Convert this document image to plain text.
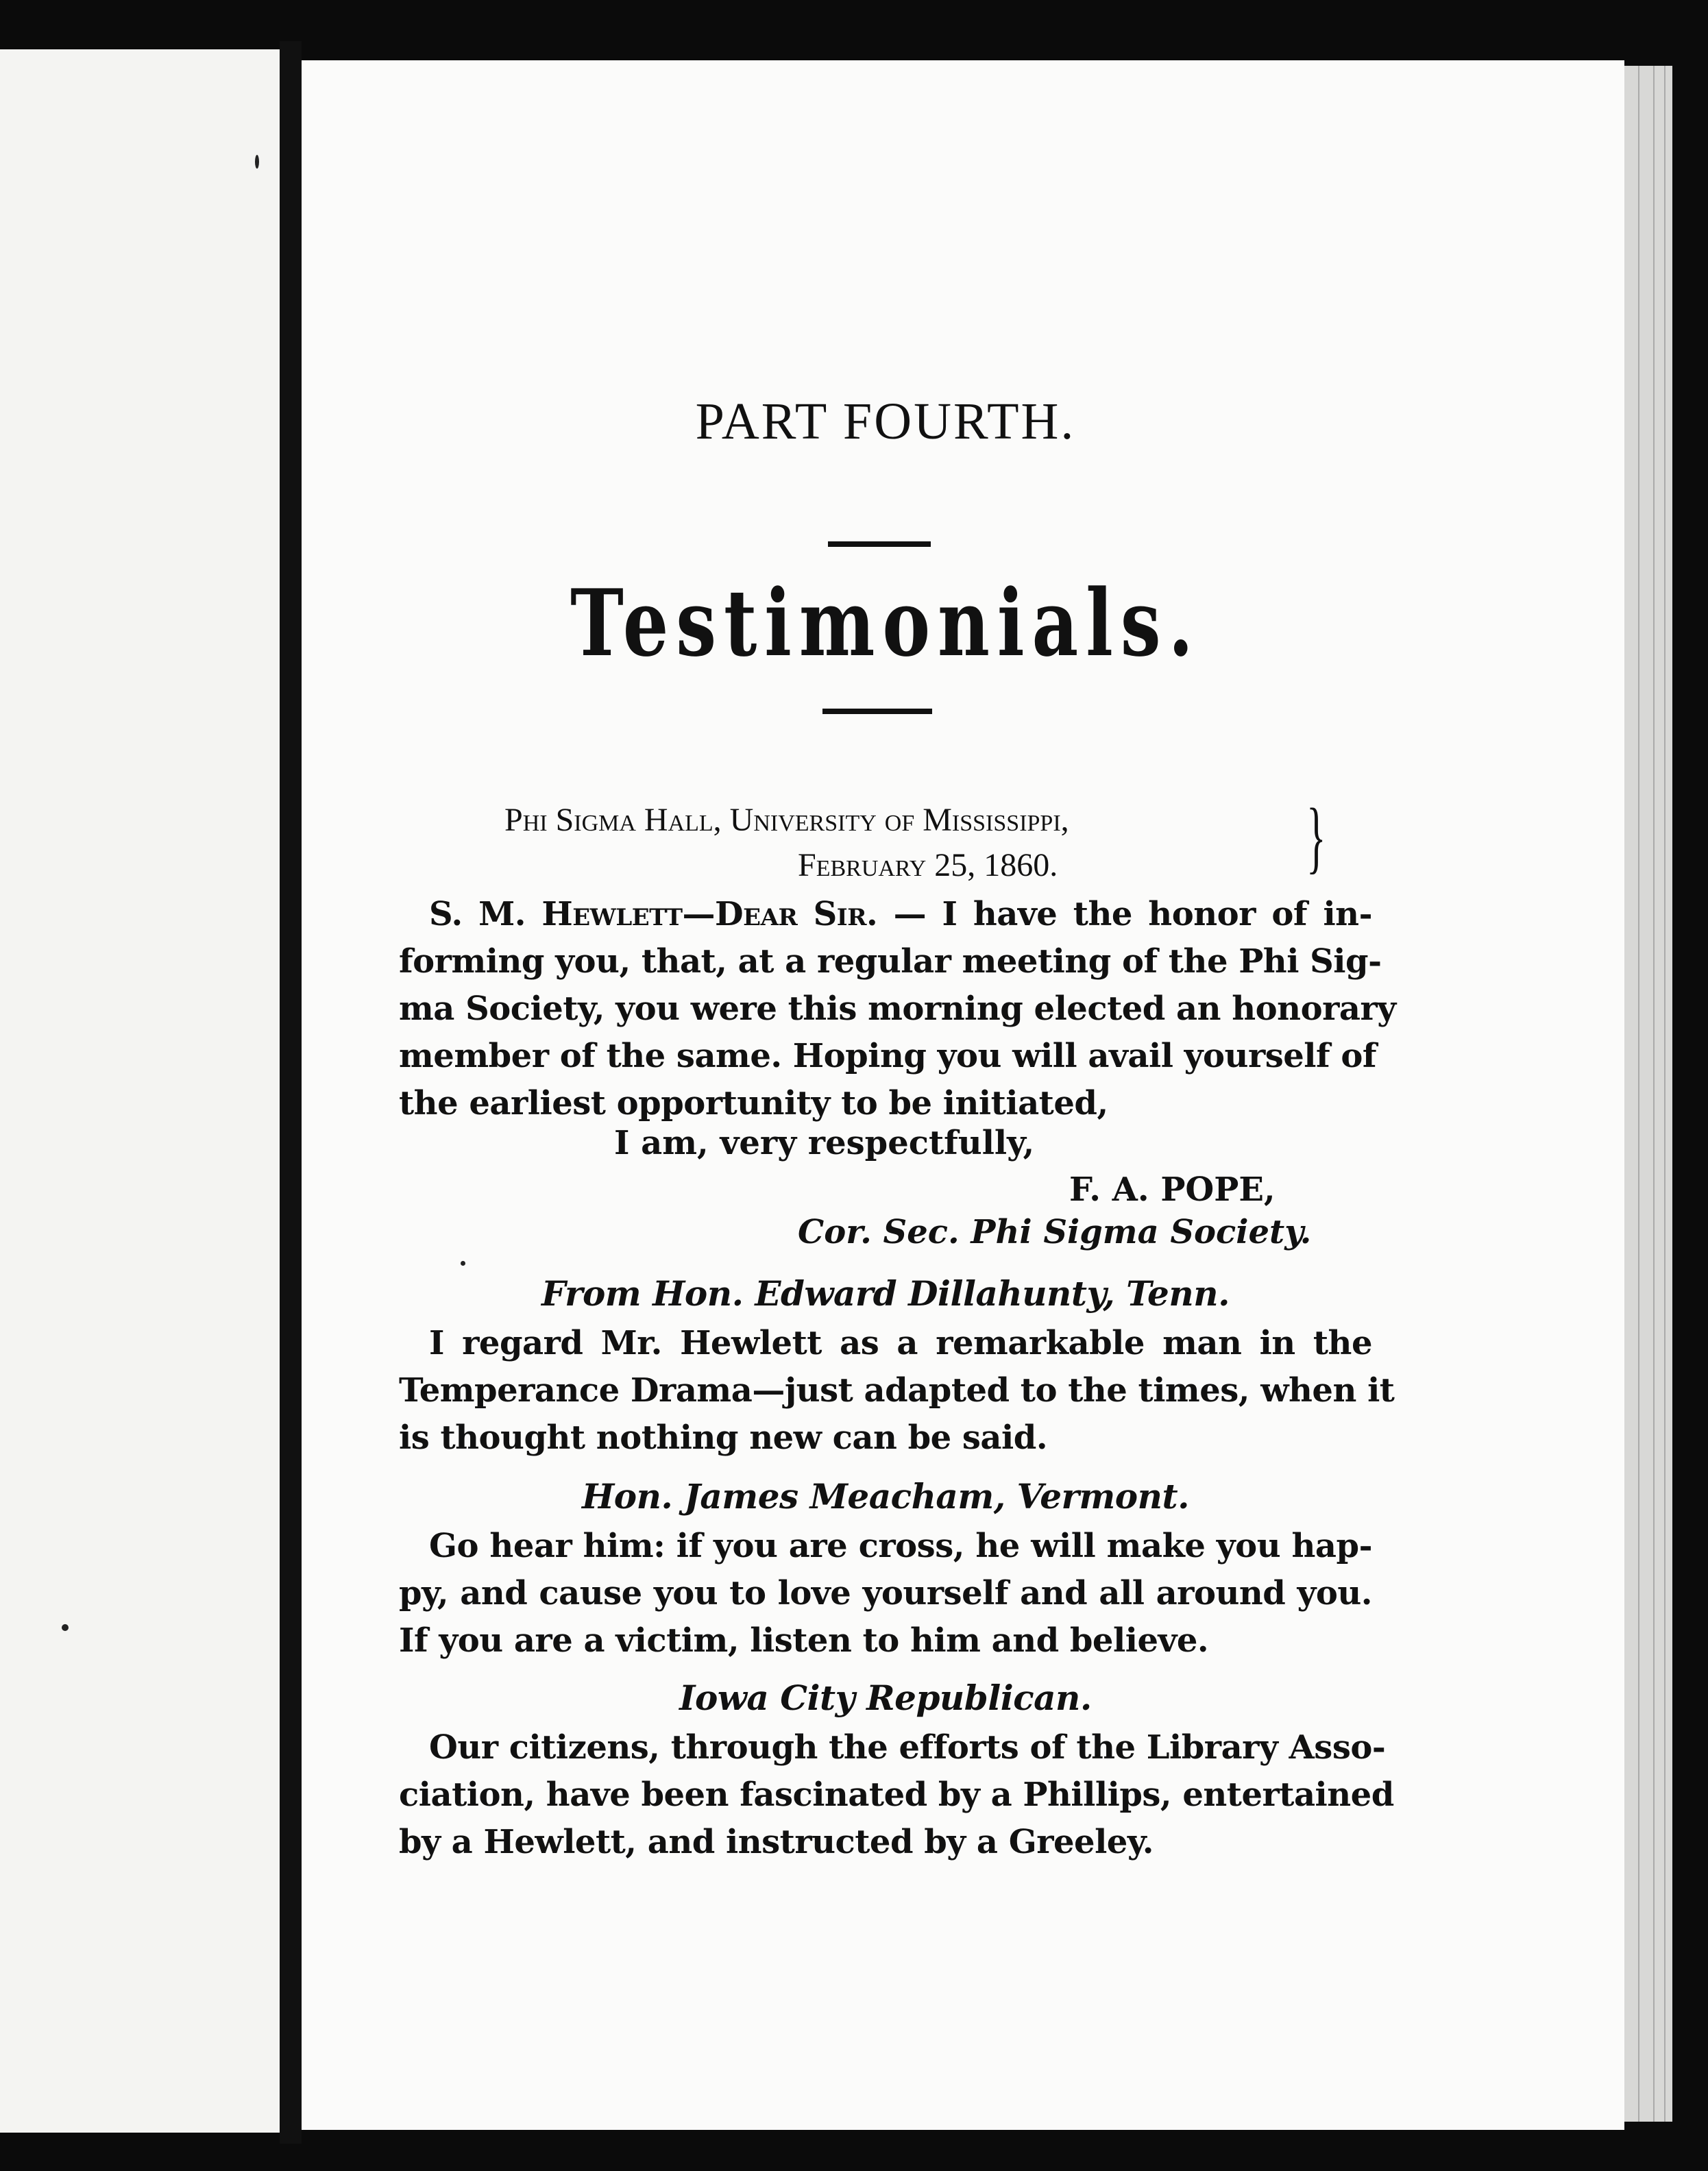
PART FOURTH.
Testimonials.
Phi Sigma Hall, University of Mississippi,
February 25, 1860.	}
S. M. Hewlett—Dear Sir. — I have the honor of in-
forming you, that, at a regular meeting of the Phi Sig-
ma Society, you were this morning elected an honorary
member of the same. Hoping you will avail yourself of
the earliest opportunity to be initiated,
I am, very respectfully,
F. A. POPE,
Cor. Sec. Phi Sigma Society.
From Hon. Edward Dillahunty, Tenn.
I regard Mr. Hewlett as a remarkable man in the
Temperance Drama—just adapted to the times, when it
is thought nothing new can be said.
Hon. James Meacham, Vermont.
Go hear him: if you are cross, he will make you hap-
py, and cause you to love yourself and all around you.
If you are a victim, listen to him and believe.
Iowa City Republican.
Our citizens, through the efforts of the Library Asso-
ciation, have been fascinated by a Phillips, entertained
by a Hewlett, and instructed by a Greeley.
